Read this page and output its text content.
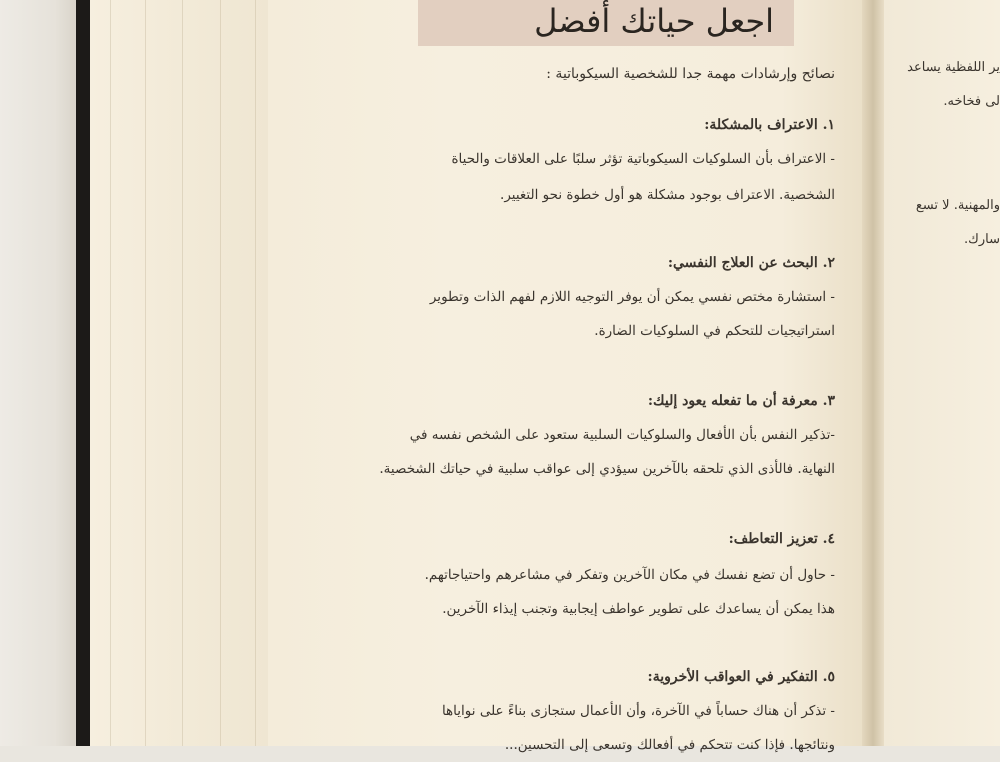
ير اللفظية يساعد
لى فخاخه.
والمهنية. لا تسع
سارك.
اجعل حياتك أفضل
نصائح وإرشادات مهمة جدا للشخصية السيكوباتية :
١. الاعتراف بالمشكلة:
- الاعتراف بأن السلوكيات السيكوباتية تؤثر سلبًا على العلاقات والحياة
الشخصية. الاعتراف بوجود مشكلة هو أول خطوة نحو التغيير.
٢. البحث عن العلاج النفسي:
- استشارة مختص نفسي يمكن أن يوفر التوجيه اللازم لفهم الذات وتطوير
استراتيجيات للتحكم في السلوكيات الضارة.
٣. معرفة أن ما تفعله يعود إليك:
-تذكير النفس بأن الأفعال والسلوكيات السلبية ستعود على الشخص نفسه في
النهاية. فالأذى الذي تلحقه بالآخرين سيؤدي إلى عواقب سلبية في حياتك الشخصية.
٤. تعزيز التعاطف:
- حاول أن تضع نفسك في مكان الآخرين وتفكر في مشاعرهم واحتياجاتهم.
هذا يمكن أن يساعدك على تطوير عواطف إيجابية وتجنب إيذاء الآخرين.
٥. التفكير في العواقب الأخروية:
- تذكر أن هناك حساباً في الآخرة، وأن الأعمال ستجازى بناءً على نواياها
ونتائجها. فإذا كنت تتحكم في أفعالك وتسعى إلى التحسين...
